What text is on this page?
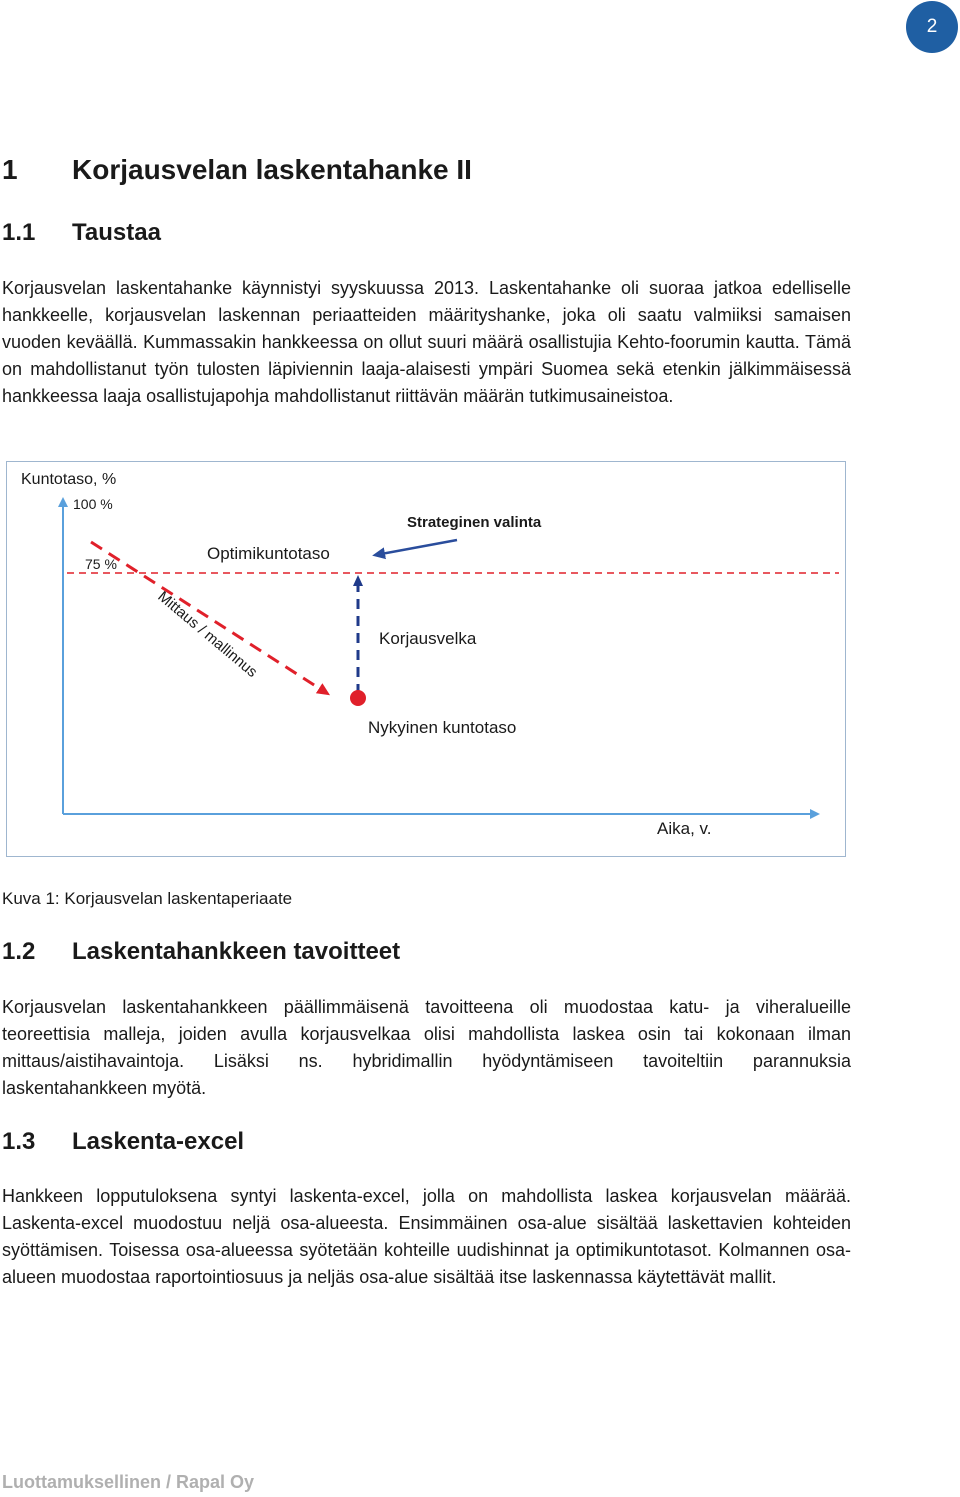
2
1 Korjausvelan laskentahanke II
1.1 Taustaa

Korjausvelan laskentahanke käynnistyi syyskuussa 2013. Laskentahanke oli suoraa jatkoa edelliselle hankkeelle, korjausvelan laskennan periaatteiden määrityshanke, joka oli saatu valmiiksi samaisen vuoden keväällä. Kummassakin hankkeessa on ollut suuri määrä osallistujia Kehto-foorumin kautta. Tämä on mahdollistanut työn tulosten läpiviennin laaja-alaisesti ympäri Suomea sekä etenkin jälkimmäisessä hankkeessa laaja osallistujapohja mahdollistanut riittävän määrän tutkimusaineistoa.

Kuntotaso, %
100 %
75 %
Optimikuntotaso
Strateginen valinta
Mittaus / mallinnus	Korjausvelka
Nykyinen kuntotaso
Aika, v.

Kuva 1: Korjausvelan laskentaperiaate

1.2 Laskentahankkeen tavoitteet

Korjausvelan laskentahankkeen päällimmäisenä tavoitteena oli muodostaa katu- ja viheralueille teoreettisia malleja, joiden avulla korjausvelkaa olisi mahdollista laskea osin tai kokonaan ilman mittaus/aistihavaintoja. Lisäksi ns. hybridimallin hyödyntämiseen tavoiteltiin parannuksia laskentahankkeen myötä.

1.3 Laskenta-excel

Hankkeen lopputuloksena syntyi laskenta-excel, jolla on mahdollista laskea korjausvelan määrää. Laskenta-excel muodostuu neljä osa-alueesta. Ensimmäinen osa-alue sisältää laskettavien kohteiden syöttämisen. Toisessa osa-alueessa syötetään kohteille uudishinnat ja optimikuntotasot. Kolmannen osa-alueen muodostaa raportointiosuus ja neljäs osa-alue sisältää itse laskennassa käytettävät mallit.

Luottamuksellinen / Rapal Oy
